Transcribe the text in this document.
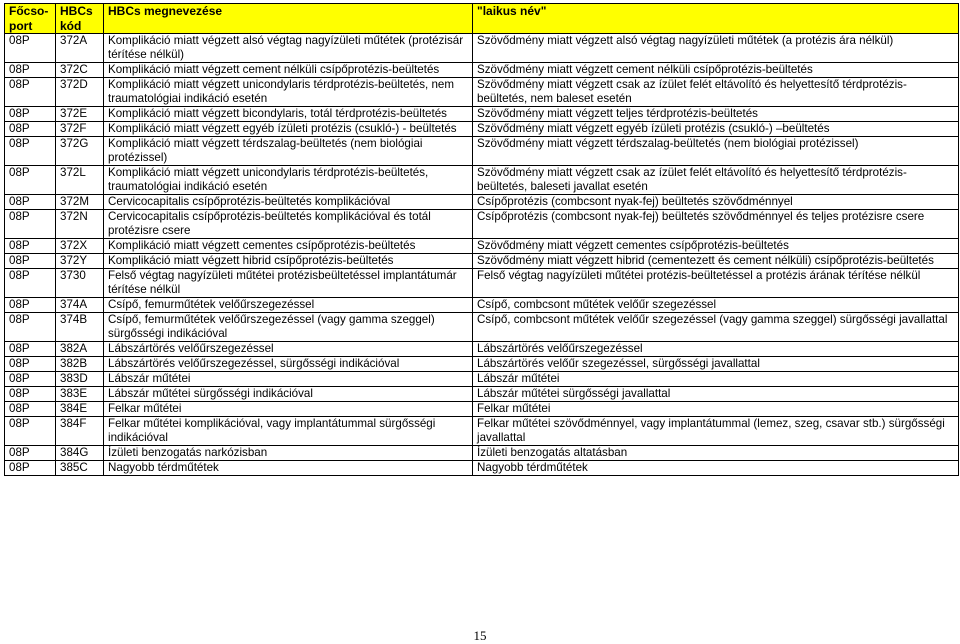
Főcso-port	HBCs kód	HBCs megnevezése	"laikus név"
08P	372A	Komplikáció miatt végzett alsó végtag nagyízületi műtétek (protézisár térítése nélkül)	Szövődmény miatt végzett alsó végtag nagyízületi műtétek (a protézis ára nélkül)
08P	372C	Komplikáció miatt végzett cement nélküli csípőprotézis-beültetés	Szövődmény miatt végzett cement nélküli csípőprotézis-beültetés
08P	372D	Komplikáció miatt végzett unicondylaris térdprotézis-beültetés, nem traumatológiai indikáció esetén	Szövődmény miatt végzett csak az ízület felét eltávolító és helyettesítő térdprotézis-beültetés, nem baleset esetén
08P	372E	Komplikáció miatt végzett bicondylaris, totál térdprotézis-beültetés	Szövődmény miatt végzett teljes térdprotézis-beültetés
08P	372F	Komplikáció miatt végzett egyéb ízületi protézis (csukló-) - beültetés	Szövődmény miatt végzett egyéb ízületi protézis (csukló-) –beültetés
08P	372G	Komplikáció miatt végzett térdszalag-beültetés (nem biológiai protézissel)	Szövődmény miatt végzett térdszalag-beültetés (nem biológiai protézissel)
08P	372L	Komplikáció miatt végzett unicondylaris térdprotézis-beültetés, traumatológiai indikáció esetén	Szövődmény miatt végzett csak az ízület felét eltávolító és helyettesítő térdprotézis-beültetés, baleseti javallat esetén
08P	372M	Cervicocapitalis csípőprotézis-beültetés komplikációval	Csípőprotézis (combcsont nyak-fej) beültetés szövődménnyel
08P	372N	Cervicocapitalis csípőprotézis-beültetés komplikációval és totál protézisre csere	Csípőprotézis (combcsont nyak-fej) beültetés szövődménnyel és teljes protézisre csere
08P	372X	Komplikáció miatt végzett cementes csípőprotézis-beültetés	Szövődmény miatt végzett cementes csípőprotézis-beültetés
08P	372Y	Komplikáció miatt végzett hibrid csípőprotézis-beültetés	Szövődmény miatt végzett hibrid (cementezett és cement nélküli) csípőprotézis-beültetés
08P	3730	Felső végtag nagyízületi műtétei protézisbeültetéssel implantátumár térítése nélkül	Felső végtag nagyízületi műtétei protézis-beültetéssel a protézis árának térítése nélkül
08P	374A	Csípő, femurműtétek velőűrszegezéssel	Csípő, combcsont műtétek velőűr szegezéssel
08P	374B	Csípő, femurműtétek velőűrszegezéssel (vagy gamma szeggel) sürgősségi indikációval	Csípő, combcsont műtétek velőűr szegezéssel (vagy gamma szeggel) sürgősségi javallattal
08P	382A	Lábszártörés velőűrszegezéssel	Lábszártörés velőűrszegezéssel
08P	382B	Lábszártörés velőűrszegezéssel, sürgősségi indikációval	Lábszártörés velőűr szegezéssel, sürgősségi javallattal
08P	383D	Lábszár műtétei	Lábszár műtétei
08P	383E	Lábszár műtétei sürgősségi indikációval	Lábszár műtétei sürgősségi javallattal
08P	384E	Felkar műtétei	Felkar műtétei
08P	384F	Felkar műtétei komplikációval, vagy implantátummal sürgősségi indikációval	Felkar műtétei szövődménnyel, vagy implantátummal (lemez, szeg, csavar stb.) sürgősségi javallattal
08P	384G	Ízületi benzogatás narkózisban	Ízületi benzogatás altatásban
08P	385C	Nagyobb térdműtétek	Nagyobb térdműtétek
15
